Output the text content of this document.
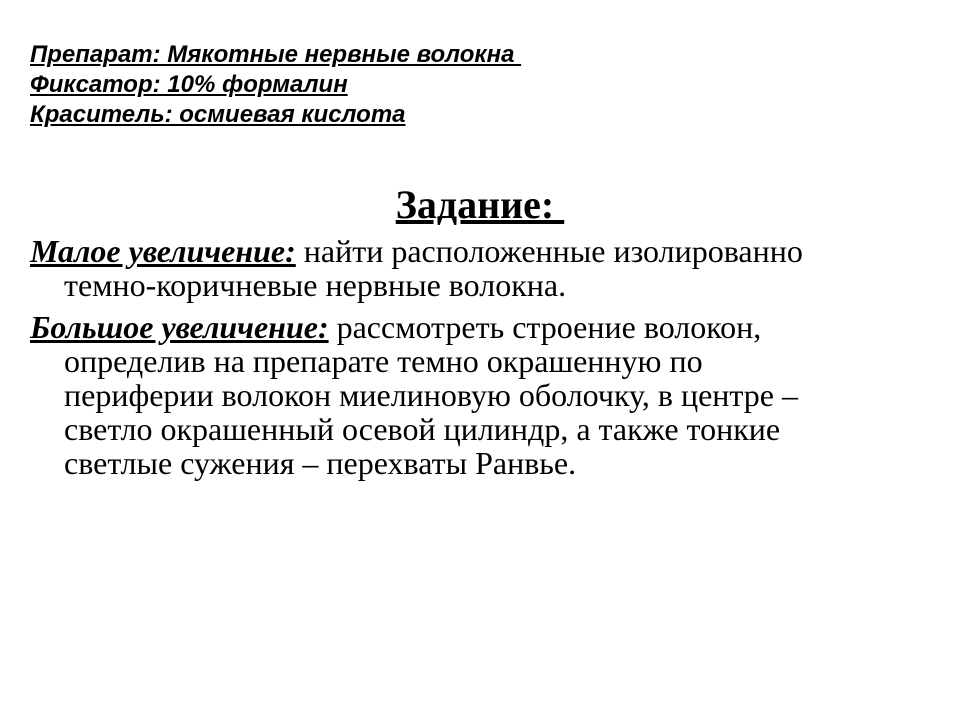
Препарат: Мякотные нервные волокна
Фиксатор: 10% формалин
Краситель: осмиевая кислота
Задание:
Малое увеличение: найти расположенные изолированно
темно-коричневые нервные волокна.
Большое увеличение: рассмотреть строение волокон,
определив на препарате темно окрашенную по
периферии волокон миелиновую оболочку, в центре –
светло окрашенный осевой цилиндр, а также тонкие
светлые сужения – перехваты Ранвье.
